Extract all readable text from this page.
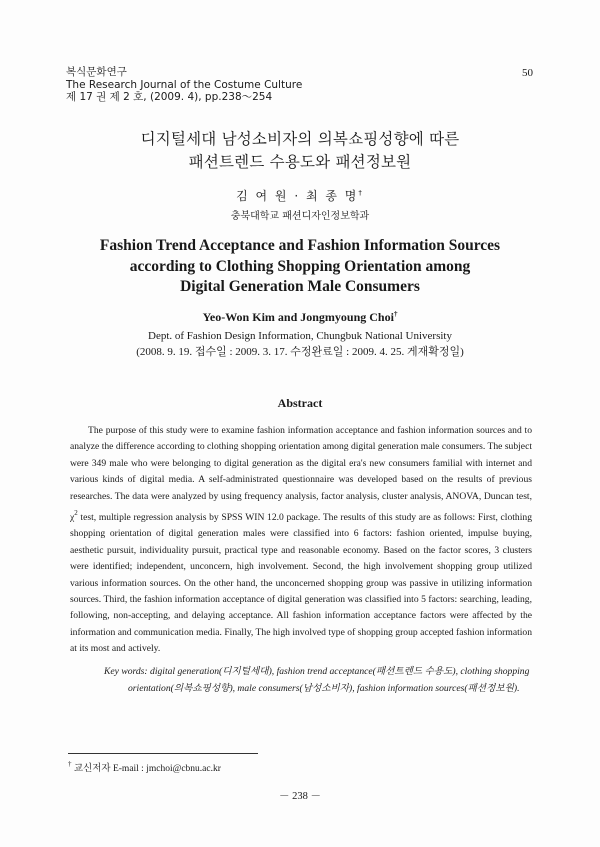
복식문화연구
The Research Journal of the Costume Culture
제 17 권 제 2 호, (2009. 4), pp.238～254
50
디지털세대 남성소비자의 의복쇼핑성향에 따른
패션트렌드 수용도와 패션정보원
김 여 원 · 최 종 명†
충북대학교 패션디자인정보학과
Fashion Trend Acceptance and Fashion Information Sources
according to Clothing Shopping Orientation among
Digital Generation Male Consumers
Yeo-Won Kim and Jongmyoung Choi†
Dept. of Fashion Design Information, Chungbuk National University
(2008. 9. 19. 접수일 : 2009. 3. 17. 수정완료일 : 2009. 4. 25. 게재확정일)
Abstract

The purpose of this study were to examine fashion information acceptance and fashion information sources and to analyze the difference according to clothing shopping orientation among digital generation male consumers. The subject were 349 male who were belonging to digital generation as the digital era's new consumers familial with internet and various kinds of digital media. A self-administrated questionnaire was developed based on the results of previous researches. The data were analyzed by using frequency analysis, factor analysis, cluster analysis, ANOVA, Duncan test, $\chi^2$ test, multiple regression analysis by SPSS WIN 12.0 package. The results of this study are as follows: First, clothing shopping orientation of digital generation males were classified into 6 factors: fashion oriented, impulse buying, aesthetic pursuit, individuality pursuit, practical type and reasonable economy. Based on the factor scores, 3 clusters were identified; independent, unconcern, high involvement. Second, the high involvement shopping group utilized various information sources. On the other hand, the unconcerned shopping group was passive in utilizing information sources. Third, the fashion information acceptance of digital generation was classified into 5 factors: searching, leading, following, non-accepting, and delaying acceptance. All fashion information acceptance factors were affected by the information and communication media. Finally, The high involved type of shopping group accepted fashion information at its most and actively.

Key words: digital generation(디지털세대), fashion trend acceptance(패션트렌드 수용도), clothing shopping orientation(의복쇼핑성향), male consumers(남성소비자), fashion information sources(패션정보원).

† 교신저자 E-mail : jmchoi@cbnu.ac.kr
－ 238 －
